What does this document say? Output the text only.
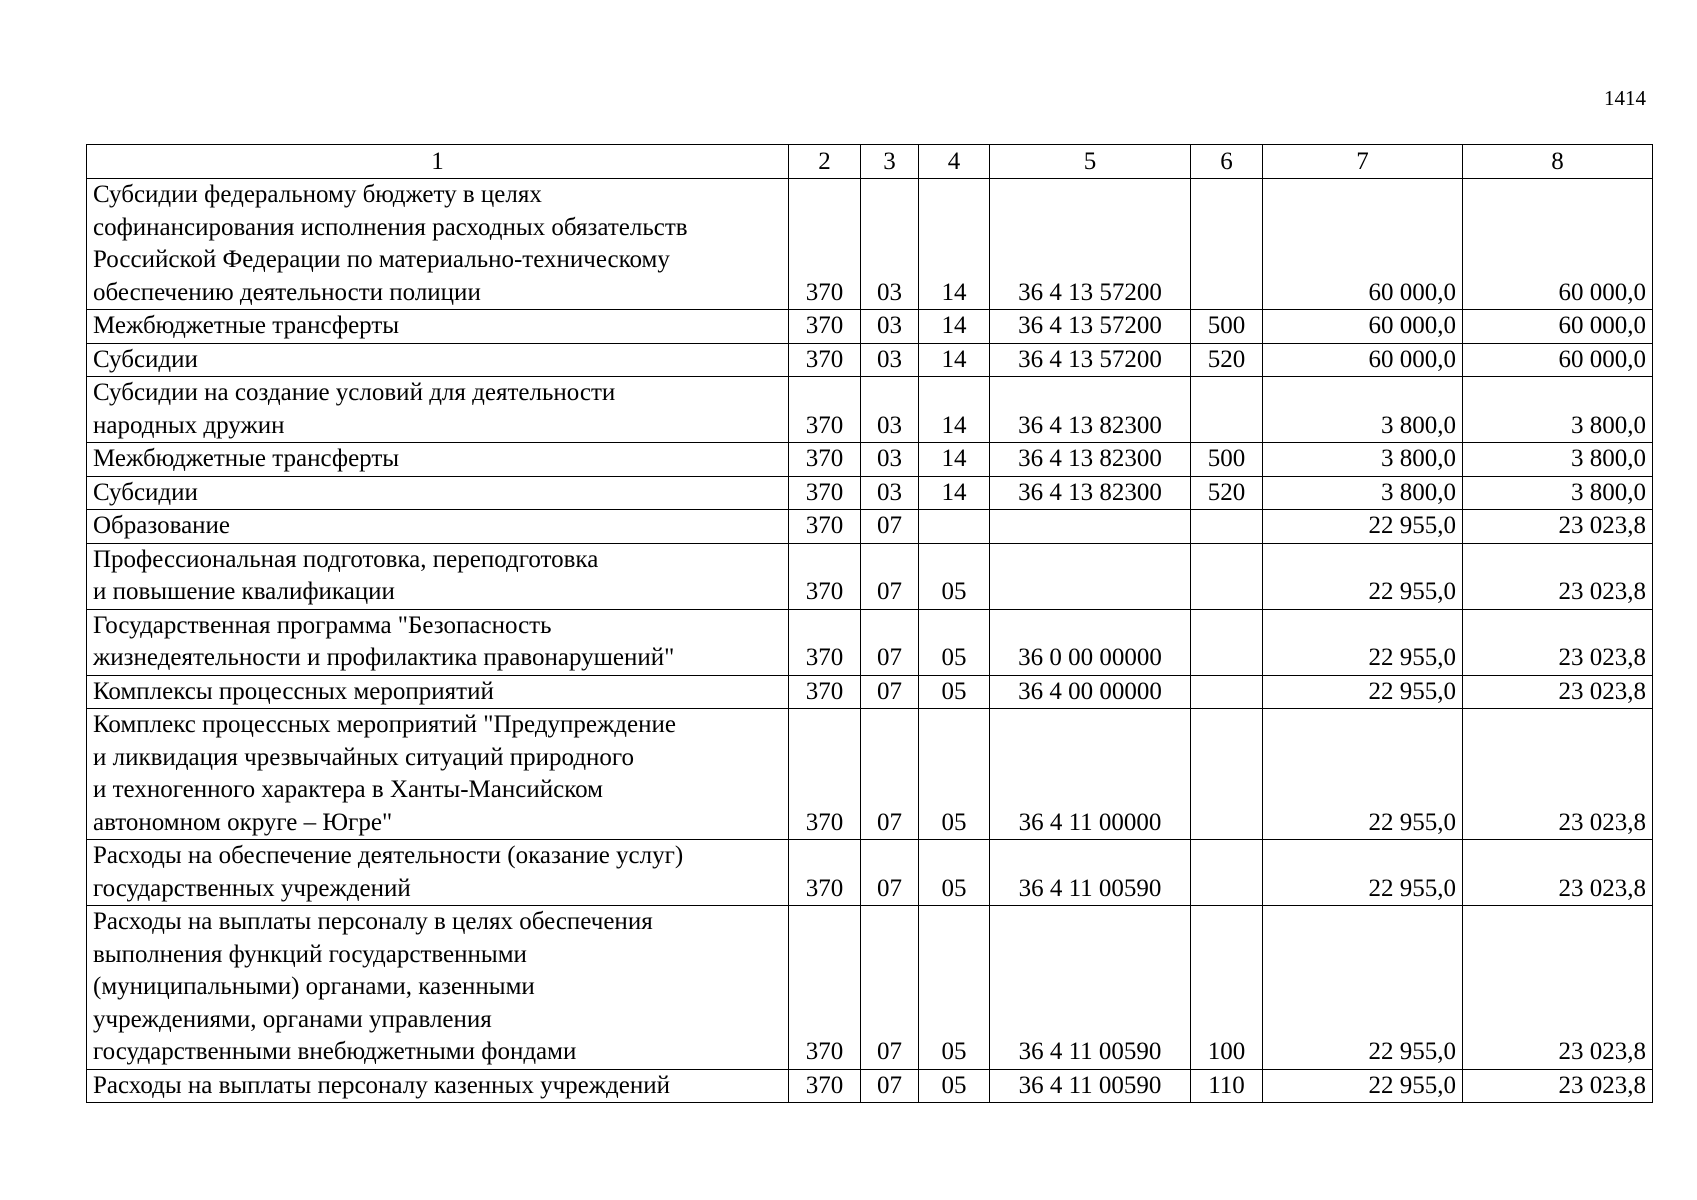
1414
1	2	3	4	5	6	7	8

Субсидии федеральному бюджету в целях
софинансирования исполнения расходных обязательств
Российской Федерации по материально-техническому
обеспечению деятельности полиции	370	03	14	36 4 13 57200		60 000,0	60 000,0

Межбюджетные трансферты	370	03	14	36 4 13 57200	500	60 000,0	60 000,0

Субсидии	370	03	14	36 4 13 57200	520	60 000,0	60 000,0

Субсидии на создание условий для деятельности
народных дружин	370	03	14	36 4 13 82300		3 800,0	3 800,0

Межбюджетные трансферты	370	03	14	36 4 13 82300	500	3 800,0	3 800,0

Субсидии	370	03	14	36 4 13 82300	520	3 800,0	3 800,0

Образование	370	07				22 955,0	23 023,8

Профессиональная подготовка, переподготовка
и повышение квалификации	370	07	05			22 955,0	23 023,8

Государственная программа "Безопасность
жизнедеятельности и профилактика правонарушений"	370	07	05	36 0 00 00000		22 955,0	23 023,8

Комплексы процессных мероприятий	370	07	05	36 4 00 00000		22 955,0	23 023,8

Комплекс процессных мероприятий "Предупреждение
и ликвидация чрезвычайных ситуаций природного
и техногенного характера в Ханты-Мансийском
автономном округе – Югре"	370	07	05	36 4 11 00000		22 955,0	23 023,8

Расходы на обеспечение деятельности (оказание услуг)
государственных учреждений	370	07	05	36 4 11 00590		22 955,0	23 023,8

Расходы на выплаты персоналу в целях обеспечения
выполнения функций государственными
(муниципальными) органами, казенными
учреждениями, органами управления
государственными внебюджетными фондами	370	07	05	36 4 11 00590	100	22 955,0	23 023,8

Расходы на выплаты персоналу казенных учреждений	370	07	05	36 4 11 00590	110	22 955,0	23 023,8
